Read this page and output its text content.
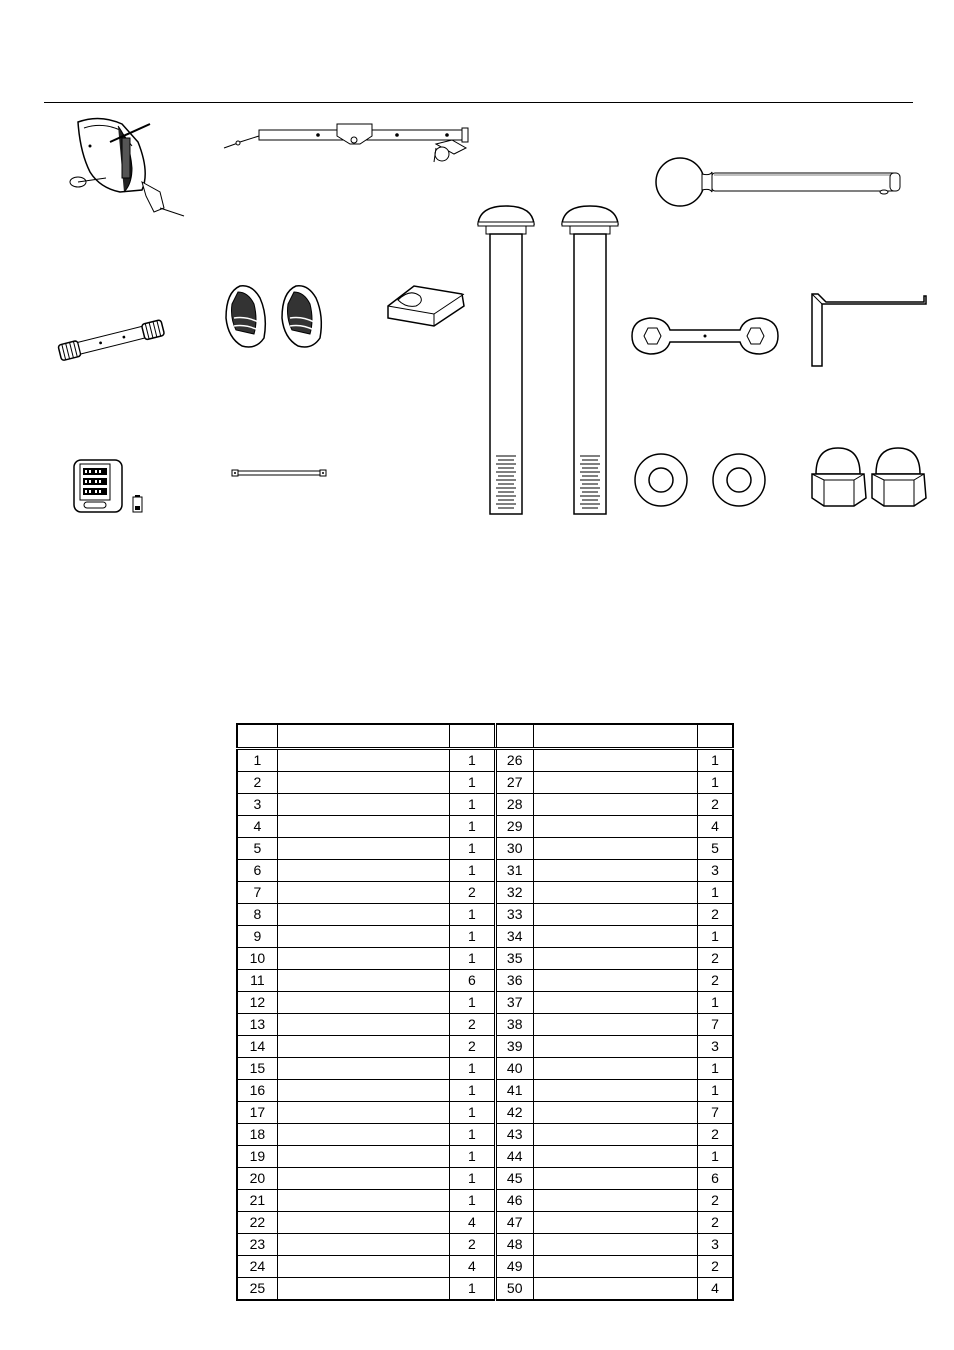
1		1	26		1
2		1	27		1
3		1	28		2
4		1	29		4
5		1	30		5
6		1	31		3
7		2	32		1
8		1	33		2
9		1	34		1
10		1	35		2
11		6	36		2
12		1	37		1
13		2	38		7
14		2	39		3
15		1	40		1
16		1	41		1
17		1	42		7
18		1	43		2
19		1	44		1
20		1	45		6
21		1	46		2
22		4	47		2
23		2	48		3
24		4	49		2
25		1	50		4
